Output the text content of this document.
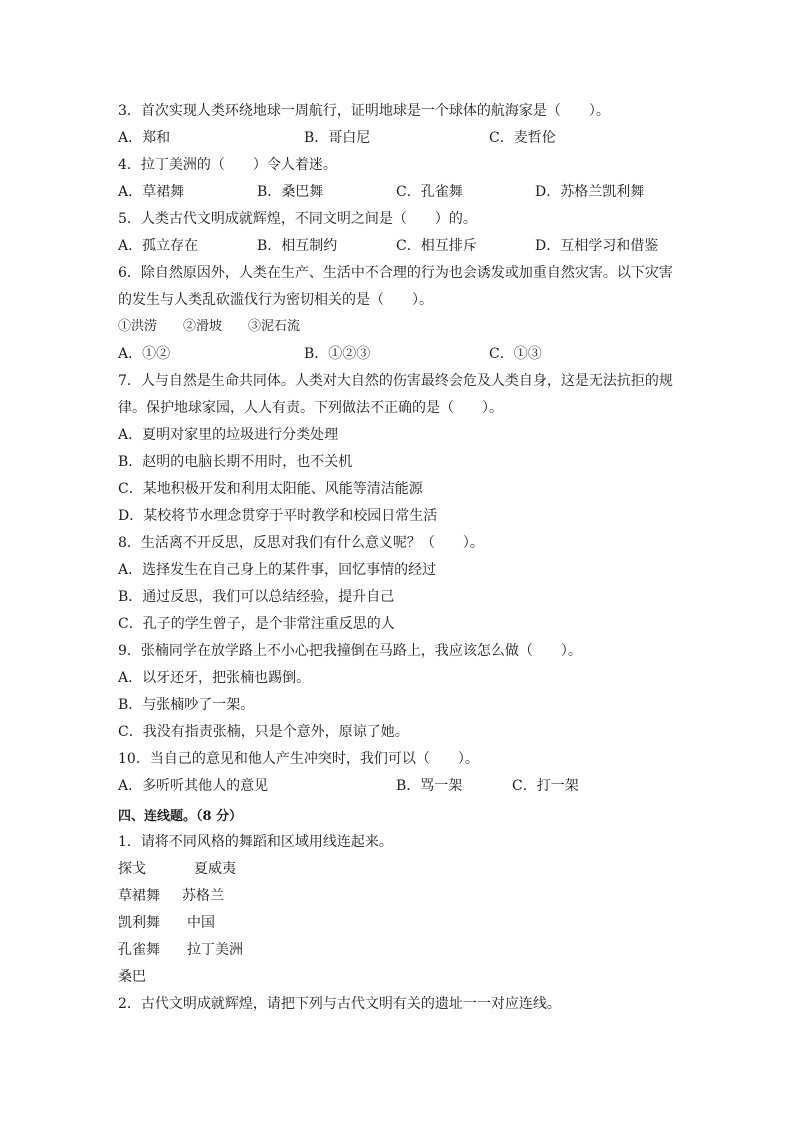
3．首次实现人类环绕地球一周航行，证明地球是一个球体的航海家是（　　）。
A．郑和	B．哥白尼	C．麦哲伦
4．拉丁美洲的（　　）令人着迷。
A．草裙舞	B．桑巴舞	C．孔雀舞	D．苏格兰凯利舞
5．人类古代文明成就辉煌，不同文明之间是（　　）的。
A．孤立存在	B．相互制约	C．相互排斥	D．互相学习和借鉴
6．除自然原因外，人类在生产、生活中不合理的行为也会诱发或加重自然灾害。以下灾害
的发生与人类乱砍滥伐行为密切相关的是（　　）。
①洪涝　　②滑坡　　③泥石流
A．①②	B．①②③	C．①③
7．人与自然是生命共同体。人类对大自然的伤害最终会危及人类自身，这是无法抗拒的规
律。保护地球家园，人人有责。下列做法不正确的是（　　）。
A．夏明对家里的垃圾进行分类处理
B．赵明的电脑长期不用时，也不关机
C．某地积极开发和利用太阳能、风能等清洁能源
D．某校将节水理念贯穿于平时教学和校园日常生活
8．生活离不开反思，反思对我们有什么意义呢？（　　）。
A．选择发生在自己身上的某件事，回忆事情的经过
B．通过反思，我们可以总结经验，提升自己
C．孔子的学生曾子，是个非常注重反思的人
9．张楠同学在放学路上不小心把我撞倒在马路上，我应该怎么做（　　）。
A．以牙还牙，把张楠也踢倒。
B．与张楠吵了一架。
C．我没有指责张楠，只是个意外，原谅了她。
10．当自己的意见和他人产生冲突时，我们可以（　　）。
A．多听听其他人的意见	B．骂一架	C．打一架
四、连线题。（8 分）
1．请将不同风格的舞蹈和区域用线连起来。
探戈	夏威夷
草裙舞 苏格兰
凯利舞 中国
孔雀舞 拉丁美洲
桑巴
2．古代文明成就辉煌，请把下列与古代文明有关的遗址一一对应连线。
